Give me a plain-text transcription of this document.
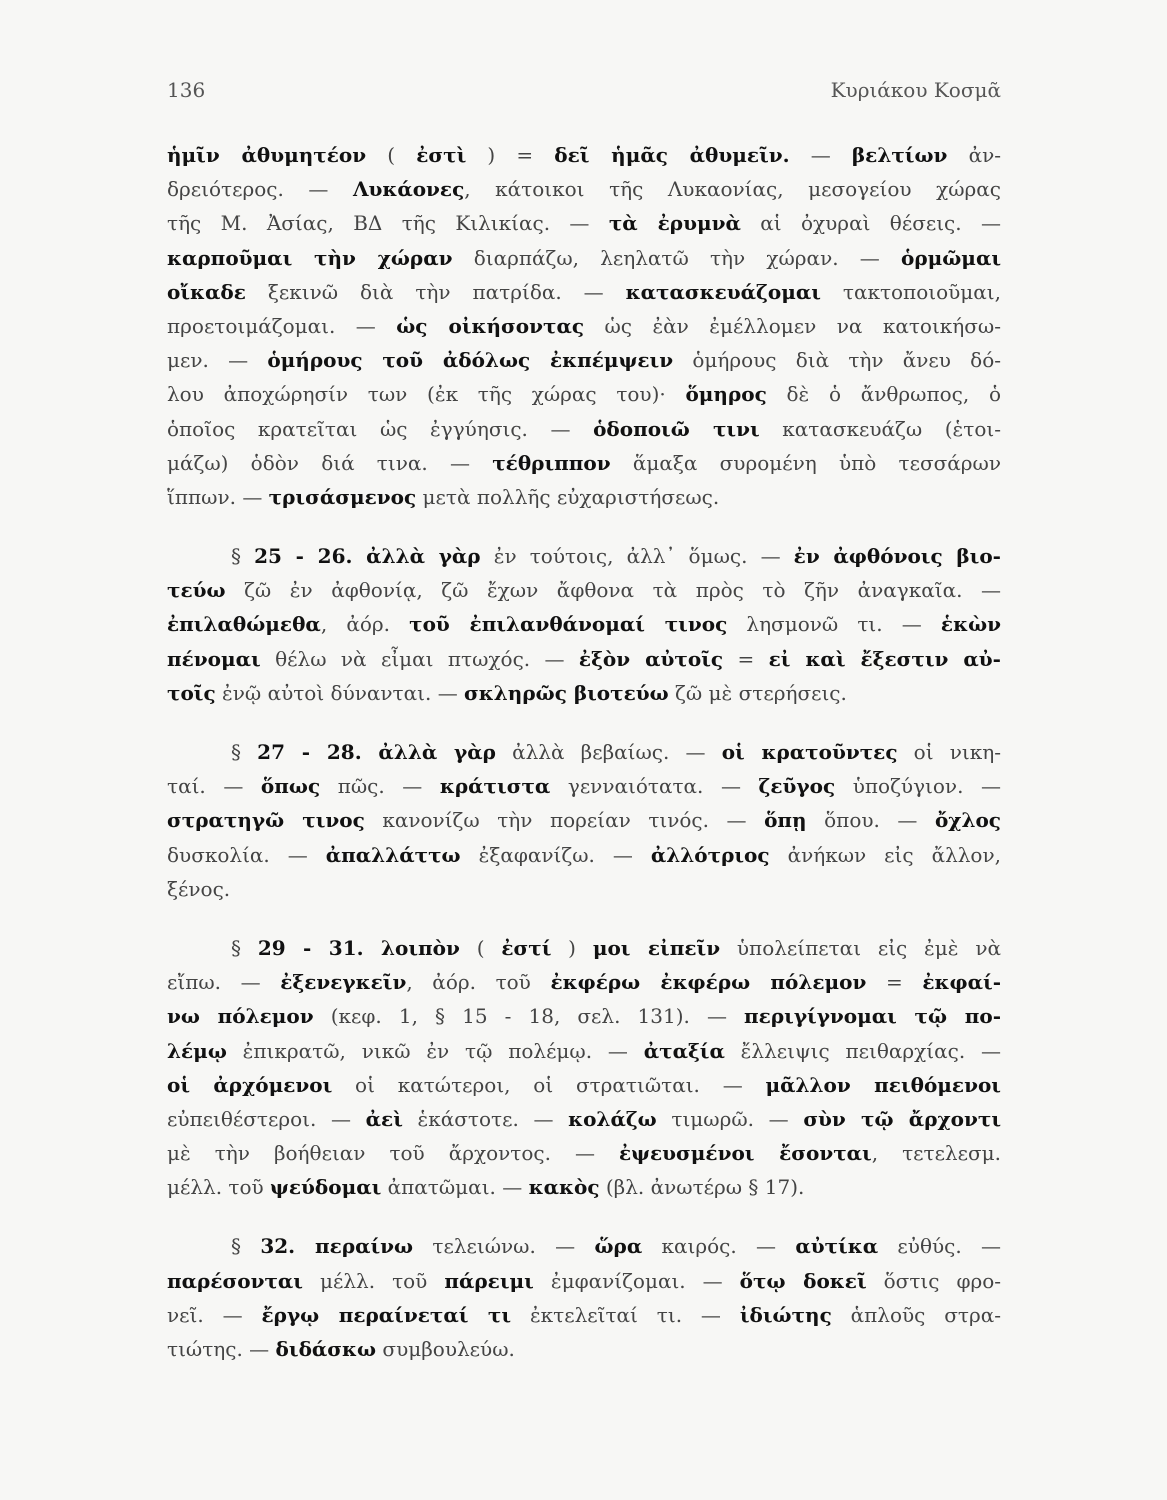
136	Κυριάκου Κοσμᾶ
ἡμῖν ἀθυμητέον ( ἐστὶ ) = δεῖ ἡμᾶς ἀθυμεῖν. — βελτίων ἀν-
δρειότερος. — Λυκάονες, κάτοικοι τῆς Λυκαονίας, μεσογείου χώρας
τῆς Μ. Ἀσίας, ΒΔ τῆς Κιλικίας. — τὰ ἐρυμνὰ αἱ ὀχυραὶ θέσεις. —
καρποῦμαι τὴν χώραν διαρπάζω, λεηλατῶ τὴν χώραν. — ὁρμῶμαι
οἴκαδε ξεκινῶ διὰ τὴν πατρίδα. — κατασκευάζομαι τακτοποιοῦμαι,
προετοιμάζομαι. — ὡς οἰκήσοντας ὡς ἐὰν ἐμέλλομεν να κατοικήσω-
μεν. — ὁμήρους τοῦ ἀδόλως ἐκπέμψειν ὁμήρους διὰ τὴν ἄνευ δό-
λου ἀποχώρησίν των (ἐκ τῆς χώρας του)· ὅμηρος δὲ ὁ ἄνθρωπος, ὁ
ὁποῖος κρατεῖται ὡς ἐγγύησις. — ὁδοποιῶ τινι κατασκευάζω (ἑτοι-
μάζω) ὁδὸν διά τινα. — τέθριππον ἅμαξα συρομένη ὑπὸ τεσσάρων
ἵππων. — τρισάσμενος μετὰ πολλῆς εὐχαριστήσεως.
§ 25 - 26. ἀλλὰ γὰρ ἐν τούτοις, ἀλλ᾽ ὅμως. — ἐν ἀφθόνοις βιο-
τεύω ζῶ ἐν ἀφθονίᾳ, ζῶ ἔχων ἄφθονα τὰ πρὸς τὸ ζῆν ἀναγκαῖα. —
ἐπιλαθώμεθα, ἀόρ. τοῦ ἐπιλανθάνομαί τινος λησμονῶ τι. — ἑκὼν
πένομαι θέλω νὰ εἶμαι πτωχός. — ἐξὸν αὐτοῖς = εἰ καὶ ἔξεστιν αὐ-
τοῖς ἐνῷ αὐτοὶ δύνανται. — σκληρῶς βιοτεύω ζῶ μὲ στερήσεις.
§ 27 - 28. ἀλλὰ γὰρ ἀλλὰ βεβαίως. — οἱ κρατοῦντες οἱ νικη-
ταί. — ὅπως πῶς. — κράτιστα γενναιότατα. — ζεῦγος ὑποζύγιον. —
στρατηγῶ τινος κανονίζω τὴν πορείαν τινός. — ὅπῃ ὅπου. — ὄχλος
δυσκολία. — ἀπαλλάττω ἐξαφανίζω. — ἀλλότριος ἀνήκων εἰς ἄλλον,
ξένος.
§ 29 - 31. λοιπὸν ( ἐστί ) μοι εἰπεῖν ὑπολείπεται εἰς ἐμὲ νὰ
εἴπω. — ἐξενεγκεῖν, ἀόρ. τοῦ ἐκφέρω ἐκφέρω πόλεμον = ἐκφαί-
νω πόλεμον (κεφ. 1, § 15 - 18, σελ. 131). — περιγίγνομαι τῷ πο-
λέμῳ ἐπικρατῶ, νικῶ ἐν τῷ πολέμῳ. — ἀταξία ἔλλειψις πειθαρχίας. —
οἱ ἀρχόμενοι οἱ κατώτεροι, οἱ στρατιῶται. — μᾶλλον πειθόμενοι
εὐπειθέστεροι. — ἀεὶ ἑκάστοτε. — κολάζω τιμωρῶ. — σὺν τῷ ἄρχοντι
μὲ τὴν βοήθειαν τοῦ ἄρχοντος. — ἐψευσμένοι ἔσονται, τετελεσμ.
μέλλ. τοῦ ψεύδομαι ἀπατῶμαι. — κακὸς (βλ. ἀνωτέρω § 17).
§ 32. περαίνω τελειώνω. — ὥρα καιρός. — αὐτίκα εὐθύς. —
παρέσονται μέλλ. τοῦ πάρειμι ἐμφανίζομαι. — ὅτῳ δοκεῖ ὅστις φρο-
νεῖ. — ἔργῳ περαίνεταί τι ἐκτελεῖταί τι. — ἰδιώτης ἁπλοῦς στρα-
τιώτης. — διδάσκω συμβουλεύω.
